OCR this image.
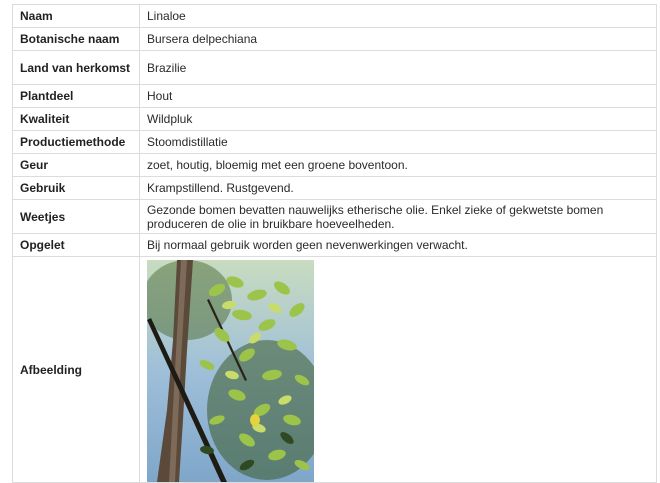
Naam	Linaloe
Botanische naam	Bursera delpechiana
Land van herkomst	Brazilie
Plantdeel	Hout
Kwaliteit	Wildpluk
Productiemethode	Stoomdistillatie
Geur	zoet, houtig, bloemig met een groene boventoon.
Gebruik	Krampstillend. Rustgevend.
Weetjes	Gezonde bomen bevatten nauwelijks etherische olie. Enkel zieke of gekwetste bomen produceren de olie in bruikbare hoeveelheden.
Opgelet	Bij normaal gebruik worden geen nevenwerkingen verwacht.
Afbeelding	
